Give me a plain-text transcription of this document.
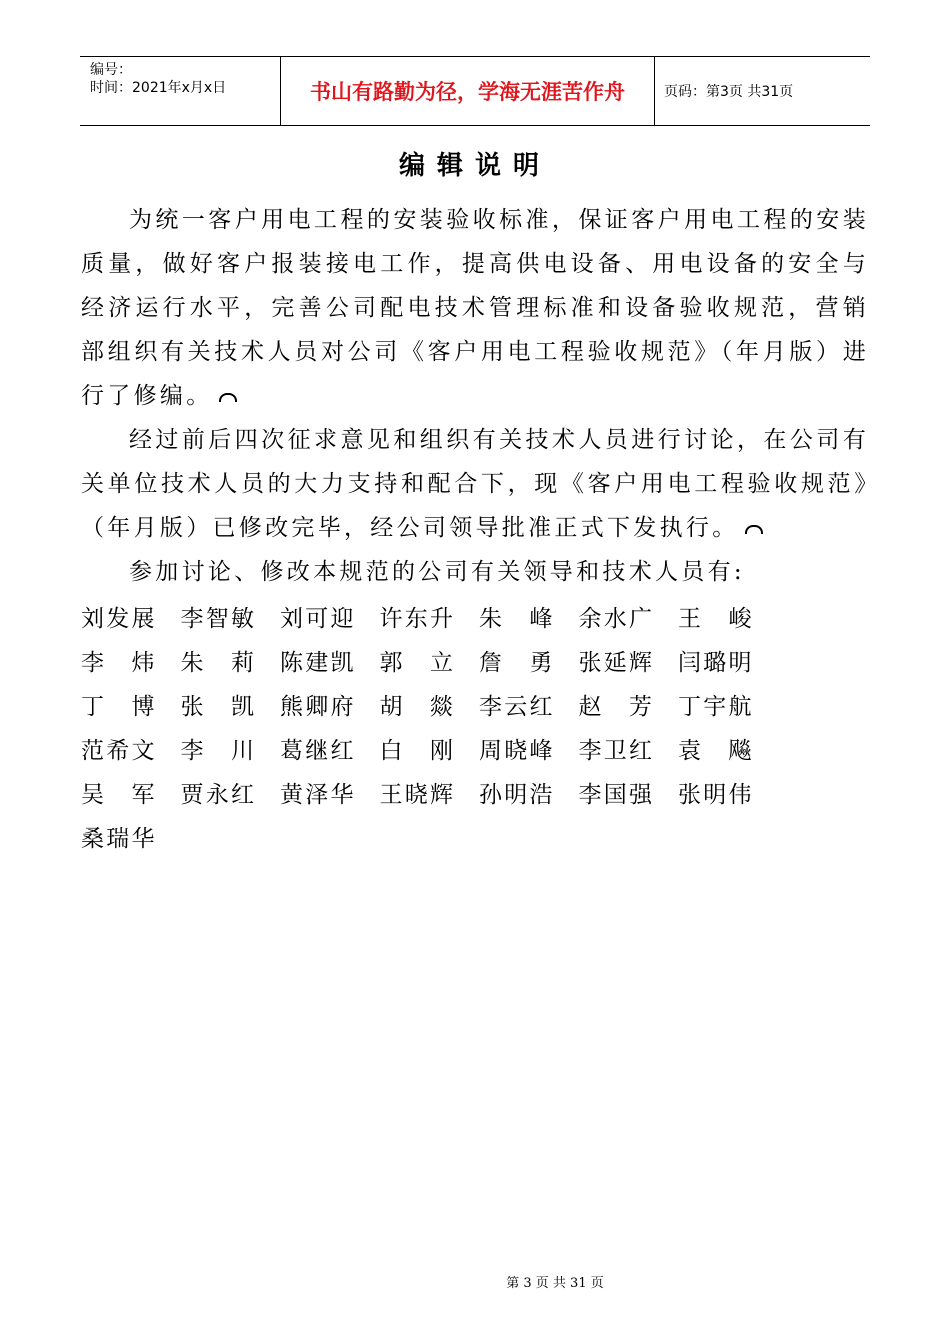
编号：
时间：2021年x月x日	书山有路勤为径，学海无涯苦作舟	页码：第3页 共31页
编辑说明

为统一客户用电工程的安装验收标准，保证客户用电工程的安装质量，做好客户报装接电工作，提高供电设备、用电设备的安全与经济运行水平，完善公司配电技术管理标准和设备验收规范，营销部组织有关技术人员对公司《客户用电工程验收规范》（年月版）进行了修编。

经过前后四次征求意见和组织有关技术人员进行讨论，在公司有关单位技术人员的大力支持和配合下，现《客户用电工程验收规范》（年月版）已修改完毕，经公司领导批准正式下发执行。

参加讨论、修改本规范的公司有关领导和技术人员有:

刘发展	李智敏	刘可迎	许东升	朱峰	余水广	王峻
李炜	朱莉	陈建凯	郭立	詹勇	张延辉	闫璐明
丁博	张凯	熊卿府	胡燚	李云红	赵芳	丁宇航
范希文	李川	葛继红	白刚	周晓峰	李卫红	袁飚
吴军	贾永红	黄泽华	王晓辉	孙明浩	李国强	张明伟
桑瑞华
第 3 页 共 31 页
